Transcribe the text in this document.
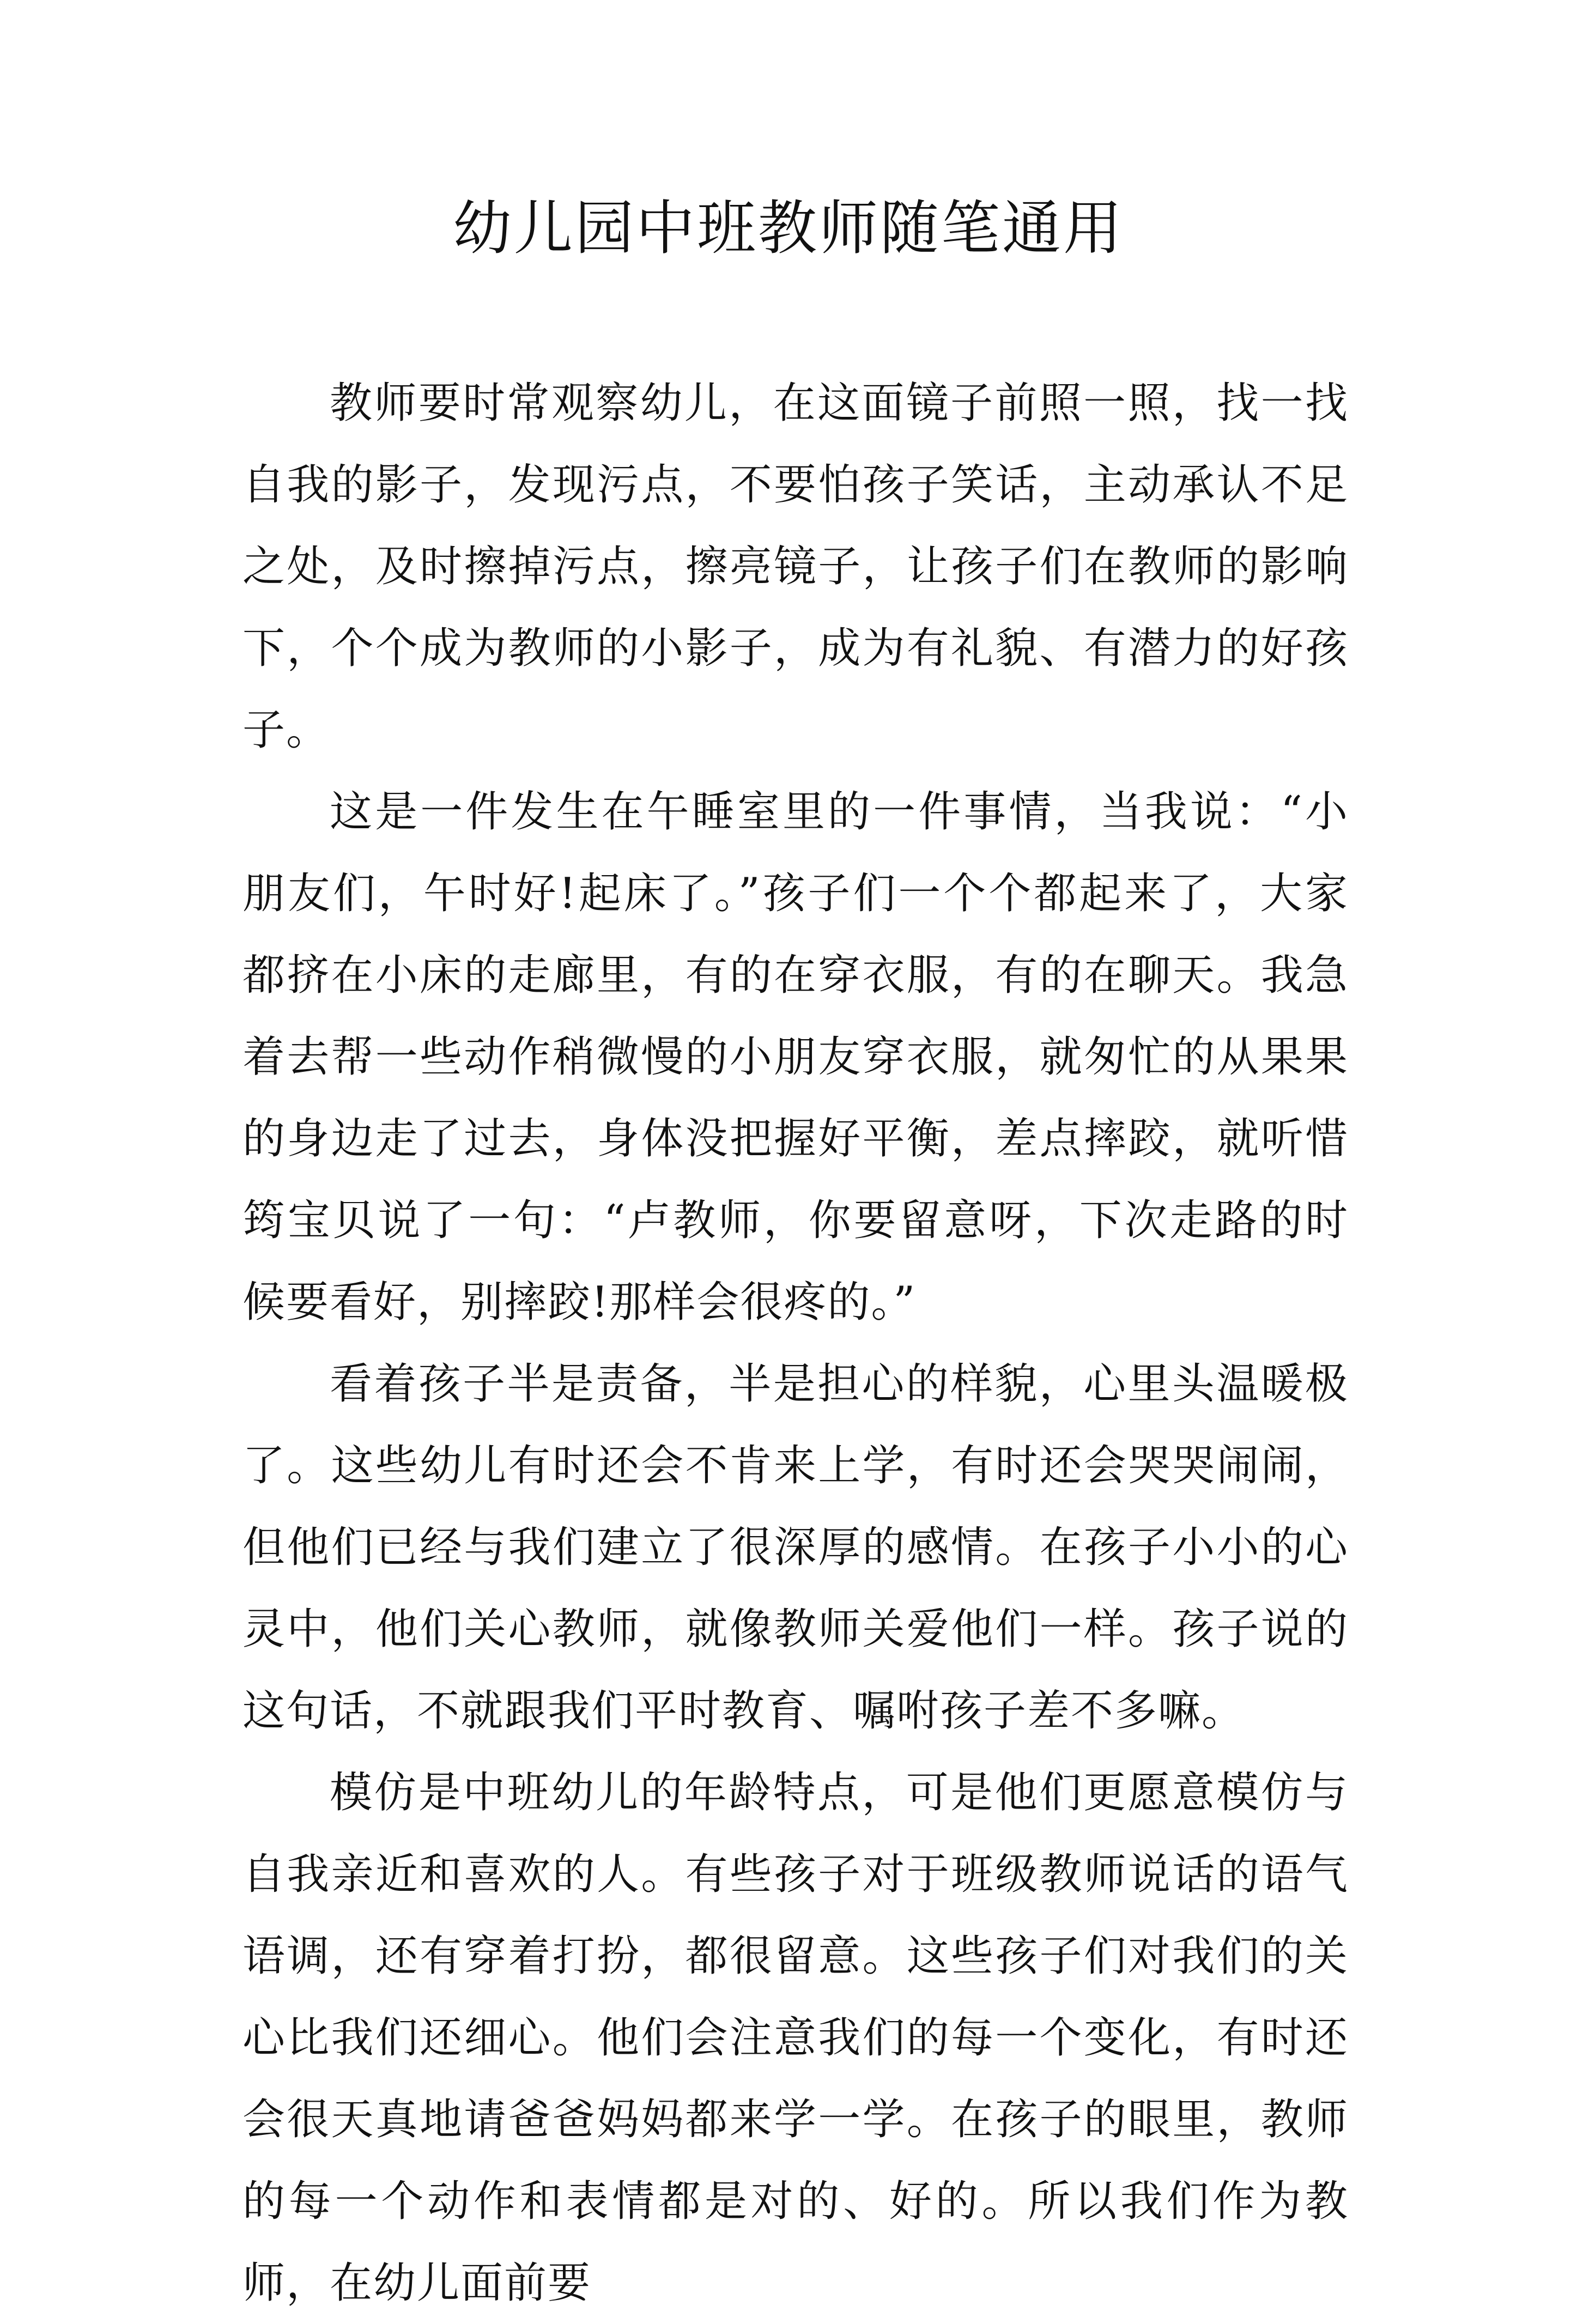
幼儿园中班教师随笔通用

教师要时常观察幼儿，在这面镜子前照一照，找一找自我的影子，发现污点，不要怕孩子笑话，主动承认不足之处，及时擦掉污点，擦亮镜子，让孩子们在教师的影响下，个个成为教师的小影子，成为有礼貌、有潜力的好孩子。

这是一件发生在午睡室里的一件事情，当我说：“小朋友们，午时好!起床了。”孩子们一个个都起来了，大家都挤在小床的走廊里，有的在穿衣服，有的在聊天。我急着去帮一些动作稍微慢的小朋友穿衣服，就匆忙的从果果的身边走了过去，身体没把握好平衡，差点摔跤，就听惜筠宝贝说了一句：“卢教师，你要留意呀，下次走路的时候要看好，别摔跤!那样会很疼的。”

看着孩子半是责备，半是担心的样貌，心里头温暖极了。这些幼儿有时还会不肯来上学，有时还会哭哭闹闹，但他们已经与我们建立了很深厚的感情。在孩子小小的心灵中，他们关心教师，就像教师关爱他们一样。孩子说的这句话，不就跟我们平时教育、嘱咐孩子差不多嘛。

模仿是中班幼儿的年龄特点，可是他们更愿意模仿与自我亲近和喜欢的人。有些孩子对于班级教师说话的语气语调，还有穿着打扮，都很留意。这些孩子们对我们的关心比我们还细心。他们会注意我们的每一个变化，有时还会很天真地请爸爸妈妈都来学一学。在孩子的眼里，教师的每一个动作和表情都是对的、好的。所以我们作为教师，在幼儿面前要
